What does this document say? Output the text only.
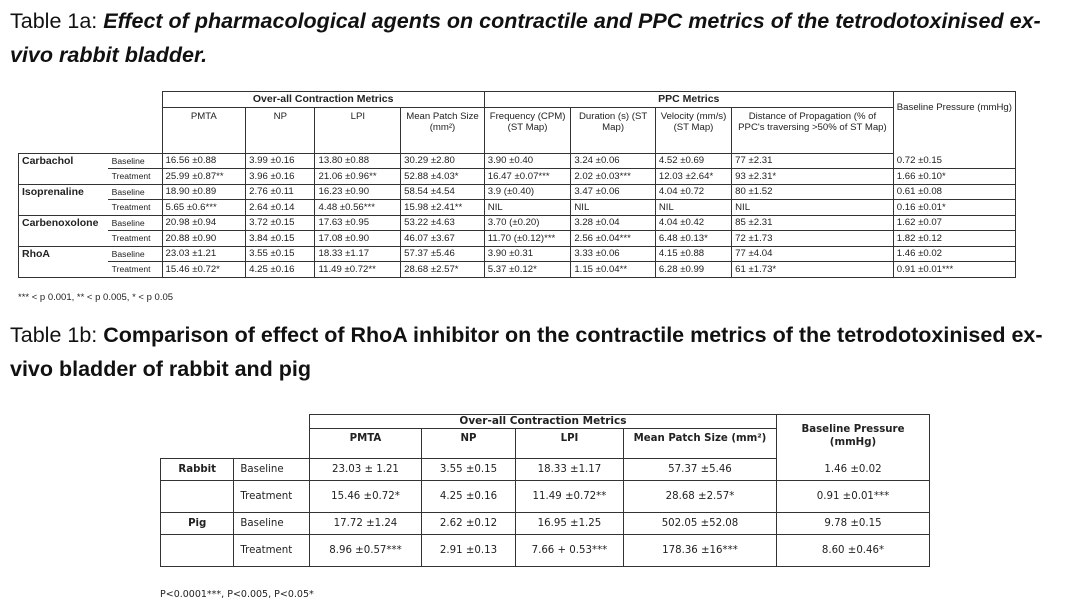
Table 1a: Effect of pharmacological agents on contractile and PPC metrics of the tetrodotoxinised ex-vivo rabbit bladder.
		Over-all Contraction Metrics				PPC Metrics				Baseline Pressure (mmHg)
		PMTA	NP	LPI	Mean Patch Size (mm²)	Frequency (CPM) (ST Map)	Duration (s) (ST Map)	Velocity (mm/s) (ST Map)	Distance of Propagation (% of PPC's traversing >50% of ST Map)	
Carbachol	Baseline	16.56 ±0.88	3.99 ±0.16	13.80 ±0.88	30.29 ±2.80	3.90 ±0.40	3.24 ±0.06	4.52 ±0.69	77 ±2.31	0.72 ±0.15
	Treatment	25.99 ±0.87**	3.96 ±0.16	21.06 ±0.96**	52.88 ±4.03*	16.47 ±0.07***	2.02 ±0.03***	12.03 ±2.64*	93 ±2.31*	1.66 ±0.10*
Isoprenaline	Baseline	18.90 ±0.89	2.76 ±0.11	16.23 ±0.90	58.54 ±4.54	3.9 (±0.40)	3.47 ±0.06	4.04 ±0.72	80 ±1.52	0.61 ±0.08
	Treatment	5.65 ±0.6***	2.64 ±0.14	4.48 ±0.56***	15.98 ±2.41**	NIL	NIL	NIL	NIL	0.16 ±0.01*
Carbenoxolone	Baseline	20.98 ±0.94	3.72 ±0.15	17.63 ±0.95	53.22 ±4.63	3.70 (±0.20)	3.28 ±0.04	4.04 ±0.42	85 ±2.31	1.62 ±0.07
	Treatment	20.88 ±0.90	3.84 ±0.15	17.08 ±0.90	46.07 ±3.67	11.70 (±0.12)***	2.56 ±0.04***	6.48 ±0.13*	72 ±1.73	1.82 ±0.12
RhoA	Baseline	23.03 ±1.21	3.55 ±0.15	18.33 ±1.17	57.37 ±5.46	3.90 ±0.31	3.33 ±0.06	4.15 ±0.88	77 ±4.04	1.46 ±0.02
	Treatment	15.46 ±0.72*	4.25 ±0.16	11.49 ±0.72**	28.68 ±2.57*	5.37 ±0.12*	1.15 ±0.04**	6.28 ±0.99	61 ±1.73*	0.91 ±0.01***
*** < p 0.001, ** < p 0.005, * < p 0.05
Table 1b: Comparison of effect of RhoA inhibitor on the contractile metrics of the tetrodotoxinised ex-vivo bladder of rabbit and pig
		Over-all Contraction Metrics				Baseline Pressure (mmHg)
		PMTA	NP	LPI	Mean Patch Size (mm²)	
Rabbit	Baseline	23.03 ± 1.21	3.55 ±0.15	18.33 ±1.17	57.37 ±5.46	1.46 ±0.02
	Treatment	15.46 ±0.72*	4.25 ±0.16	11.49 ±0.72**	28.68 ±2.57*	0.91 ±0.01***
Pig	Baseline	17.72 ±1.24	2.62 ±0.12	16.95 ±1.25	502.05 ±52.08	9.78 ±0.15
	Treatment	8.96 ±0.57***	2.91 ±0.13	7.66 + 0.53***	178.36 ±16***	8.60 ±0.46*
P<0.0001***, P<0.005, P<0.05*
